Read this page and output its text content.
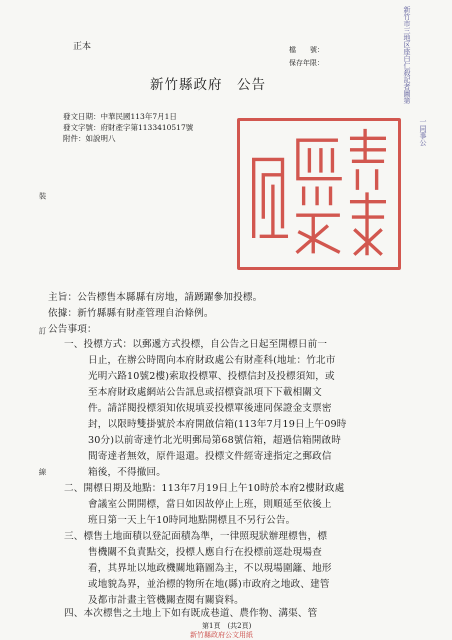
正本	檔　　號：
保存年限：
新竹縣政府　公告
發文日期：中華民國113年7月1日
發文字號：府財產字第1133410517號
附件：如說明八
新竹市三地区座白仁殺記者圖第
一同事公
新竹縣政府
裝
訂
線
主旨：公告標售本縣縣有房地，請踴躍參加投標。
依據：新竹縣縣有財產管理自治條例。
公告事項：
一、投標方式：以郵遞方式投標，自公告之日起至開標日前一
日止，在辦公時間向本府財政處公有財產科(地址：竹北市
光明六路10號2樓)索取投標單、投標信封及投標須知，或
至本府財政處網站公告訊息或招標資訊項下下載相關文
件。請詳閱投標須知依規填妥投標單後連同保證金支票密
封，以限時雙掛號於本府開啟信箱(113年7月19日上午09時
30分)以前寄達竹北光明郵局第68號信箱，超過信箱開啟時
間寄達者無效，原件退還。投標文件經寄達指定之郵政信
箱後，不得撤回。
二、開標日期及地點：113年7月19日上午10時於本府2樓財政處
會議室公開開標，當日如因故停止上班，則順延至依後上
班日第一天上午10時同地點開標且不另行公告。
三、標售土地面積以登記面積為準，一律照現狀辦理標售，標
售機關不負責點交，投標人應自行在投標前逕赴現場查
看，其界址以地政機關地籍圖為主，不以現場圍籬、地形
或地貌為界，並治標的物所在地(縣)市政府之地政、建管
及都市計畫主管機關查閱有關資料。
四、本次標售之土地上下如有既成巷道、農作物、溝渠、管
第1頁　(共2頁)
新竹縣政府公文用紙
